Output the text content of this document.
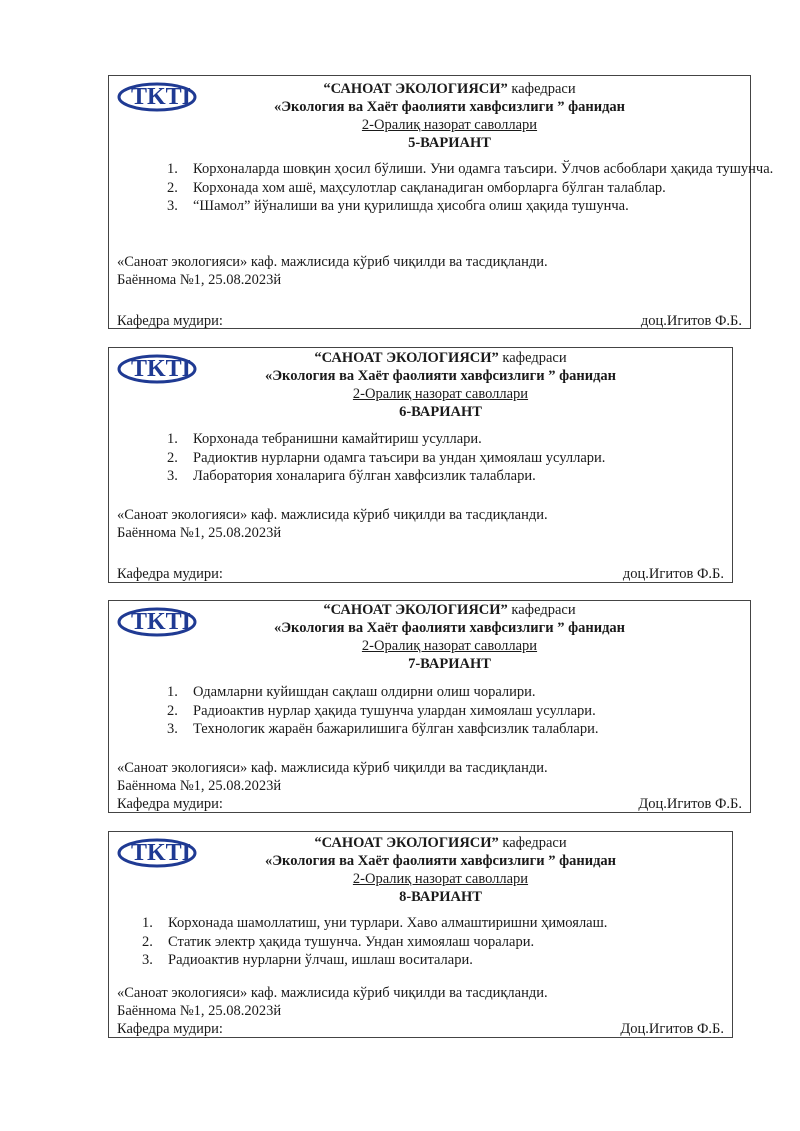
TKTI	“САНОАТ ЭКОЛОГИЯСИ” кафедраси
«Экология ва Хаёт фаолияти хавфсизлиги ” фанидан
2-Оралиқ назорат саволлари
5-ВАРИАНТ
1. Корхоналарда шовқин ҳосил бўлиши. Уни одамга таъсири. Ўлчов асбоблари ҳақида тушунча.
2. Корхонада хом ашё, маҳсулотлар сақланадиган омборларга бўлган талаблар.
3. “Шамол” йўналиши ва уни қурилишда ҳисобга олиш ҳақида тушунча.
«Саноат экологияси» каф. мажлисида кўриб чиқилди ва тасдиқланди.
Баённома №1, 25.08.2023й
Кафедра мудири:	доц.Игитов Ф.Б.
TKTI	“САНОАТ ЭКОЛОГИЯСИ” кафедраси
«Экология ва Хаёт фаолияти хавфсизлиги ” фанидан
2-Оралиқ назорат саволлари
6-ВАРИАНТ
1. Корхонада тебранишни камайтириш усуллари.
2. Радиоктив нурларни одамга таъсири ва ундан ҳимоялаш усуллари.
3. Лаборатория хоналарига бўлган хавфсизлик талаблари.
«Саноат экологияси» каф. мажлисида кўриб чиқилди ва тасдиқланди.
Баённома №1, 25.08.2023й
Кафедра мудири:	доц.Игитов Ф.Б.
TKTI	“САНОАТ ЭКОЛОГИЯСИ” кафедраси
«Экология ва Хаёт фаолияти хавфсизлиги ” фанидан
2-Оралиқ назорат саволлари
7-ВАРИАНТ
1. Одамларни куйишдан сақлаш олдирни олиш чоралири.
2. Радиоактив нурлар ҳақида тушунча улардан химоялаш усуллари.
3. Технологик жараён бажарилишига бўлган хавфсизлик талаблари.
«Саноат экологияси» каф. мажлисида кўриб чиқилди ва тасдиқланди.
Баённома №1, 25.08.2023й
Кафедра мудири:	Доц.Игитов Ф.Б.
TKTI	“САНОАТ ЭКОЛОГИЯСИ” кафедраси
«Экология ва Хаёт фаолияти хавфсизлиги ” фанидан
2-Оралиқ назорат саволлари
8-ВАРИАНТ
1. Корхонада шамоллатиш, уни турлари. Хаво алмаштиришни ҳимоялаш.
2. Статик электр ҳақида тушунча. Ундан химоялаш чоралари.
3. Радиоактив нурларни ўлчаш, ишлаш воситалари.
«Саноат экологияси» каф. мажлисида кўриб чиқилди ва тасдиқланди.
Баённома №1, 25.08.2023й
Кафедра мудири:	Доц.Игитов Ф.Б.
